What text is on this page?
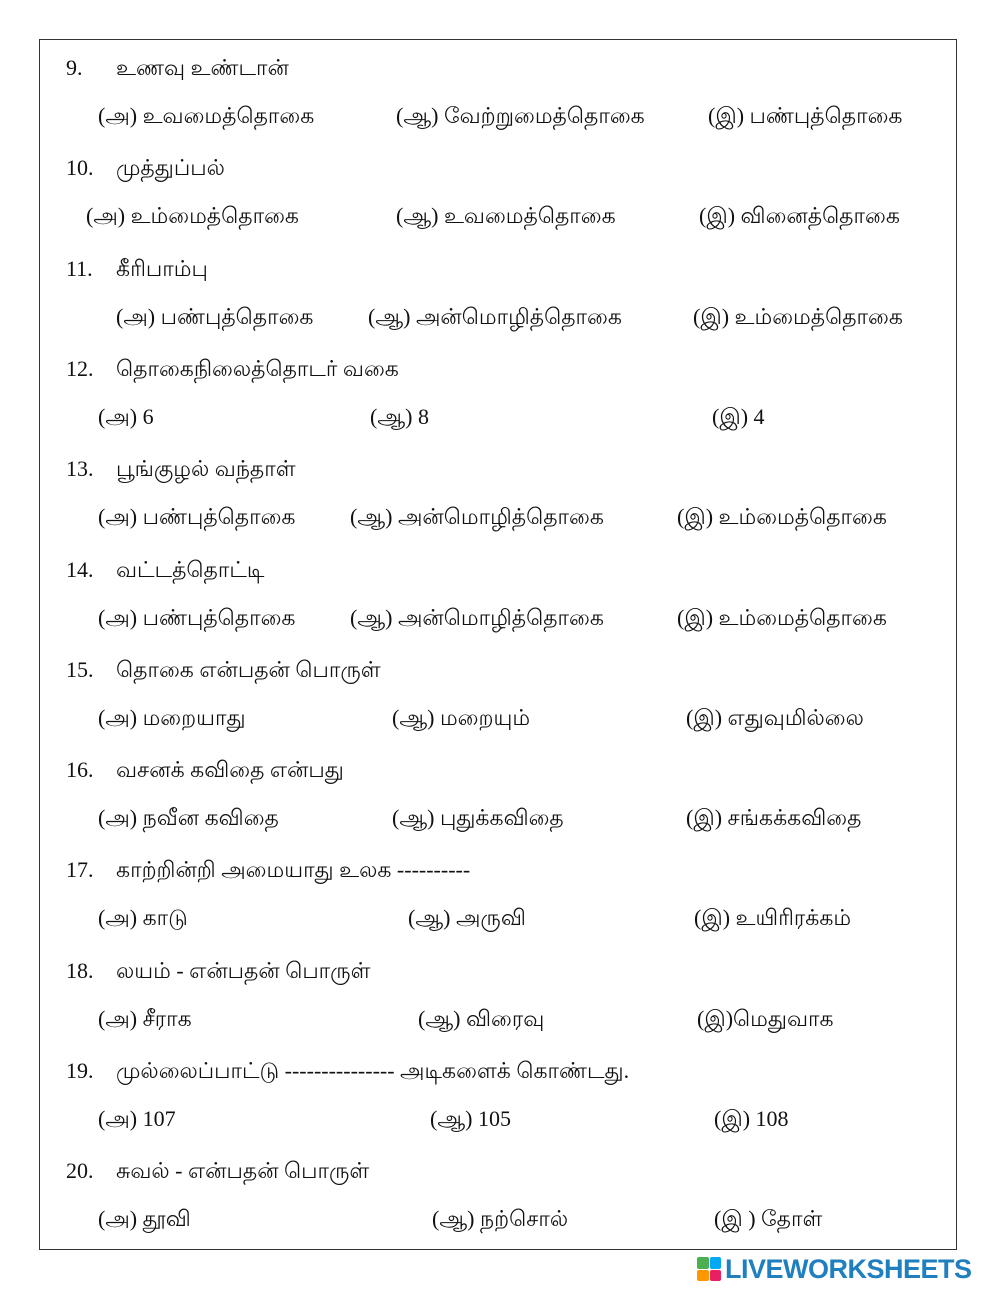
9. உணவு உண்டான்
(அ) உவமைத்தொகை	(ஆ) வேற்றுமைத்தொகை	(இ) பண்புத்தொகை
10. முத்துப்பல்
(அ) உம்மைத்தொகை	(ஆ) உவமைத்தொகை	(இ) வினைத்தொகை
11. கீரிபாம்பு
(அ) பண்புத்தொகை (ஆ) அன்மொழித்தொகை	(இ) உம்மைத்தொகை
12. தொகைநிலைத்தொடர் வகை
(அ) 6	(ஆ) 8	(இ) 4
13. பூங்குழல் வந்தாள்
(அ) பண்புத்தொகை (ஆ) அன்மொழித்தொகை	(இ) உம்மைத்தொகை
14. வட்டத்தொட்டி
(அ) பண்புத்தொகை (ஆ) அன்மொழித்தொகை	(இ) உம்மைத்தொகை
15. தொகை என்பதன் பொருள்
(அ) மறையாது	(ஆ) மறையும்	(இ) எதுவுமில்லை
16. வசனக் கவிதை என்பது
(அ) நவீன கவிதை	(ஆ) புதுக்கவிதை	(இ) சங்கக்கவிதை
17. காற்றின்றி அமையாது உலக ----------
(அ) காடு	(ஆ) அருவி	(இ) உயிரிரக்கம்
18. லயம் - என்பதன் பொருள்
(அ) சீராக	(ஆ) விரைவு	(இ)மெதுவாக
19. முல்லைப்பாட்டு --------------- அடிகளைக் கொண்டது.
(அ) 107	(ஆ) 105	(இ) 108
20. சுவல் - என்பதன் பொருள்
(அ) தூவி	(ஆ) நற்சொல்	(இ ) தோள்
LIVEWORKSHEETS
